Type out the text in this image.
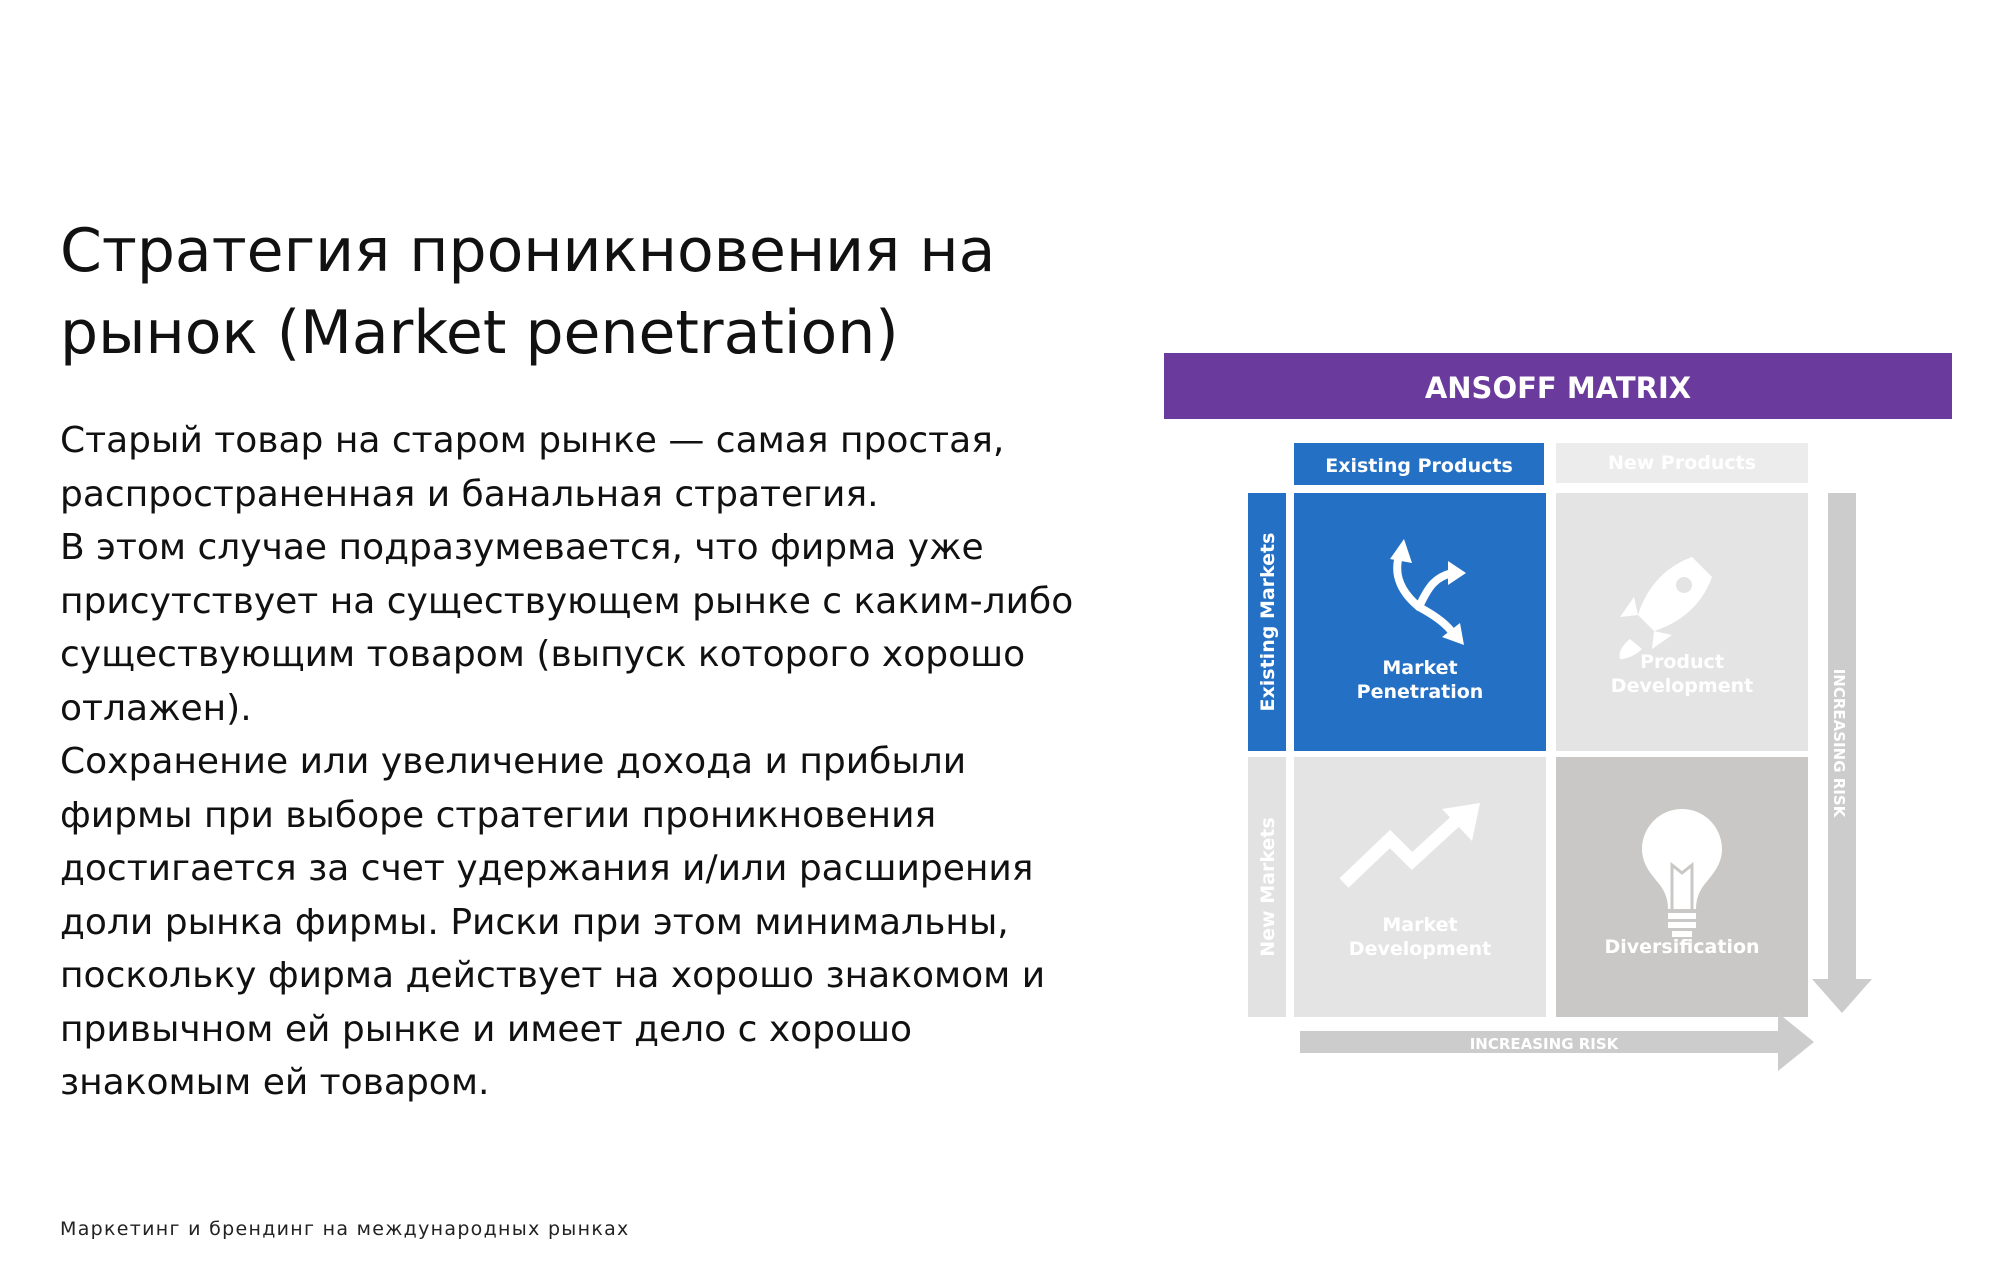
Стратегия проникновения на рынок (Market penetration)

Старый товар на старом рынке — самая простая, распространенная и банальная стратегия.

В этом случае подразумевается, что фирма уже присутствует на существующем рынке с каким-либо существующим товаром (выпуск которого хорошо отлажен).

Сохранение или увеличение дохода и прибыли фирмы при выборе стратегии проникновения достигается за счет удержания и/или расширения доли рынка фирмы. Риски при этом минимальны, поскольку фирма действует на хорошо знакомом и привычном ей рынке и имеет дело с хорошо знакомым ей товаром.

ANSOFF MATRIX
Existing Products	New Products
Existing Markets
New Markets
Market
Penetration
Product
Development
Market
Development	Diversification
INCREASING RISK
INCREASING RISK
Маркетинг и брендинг на международных рынках
